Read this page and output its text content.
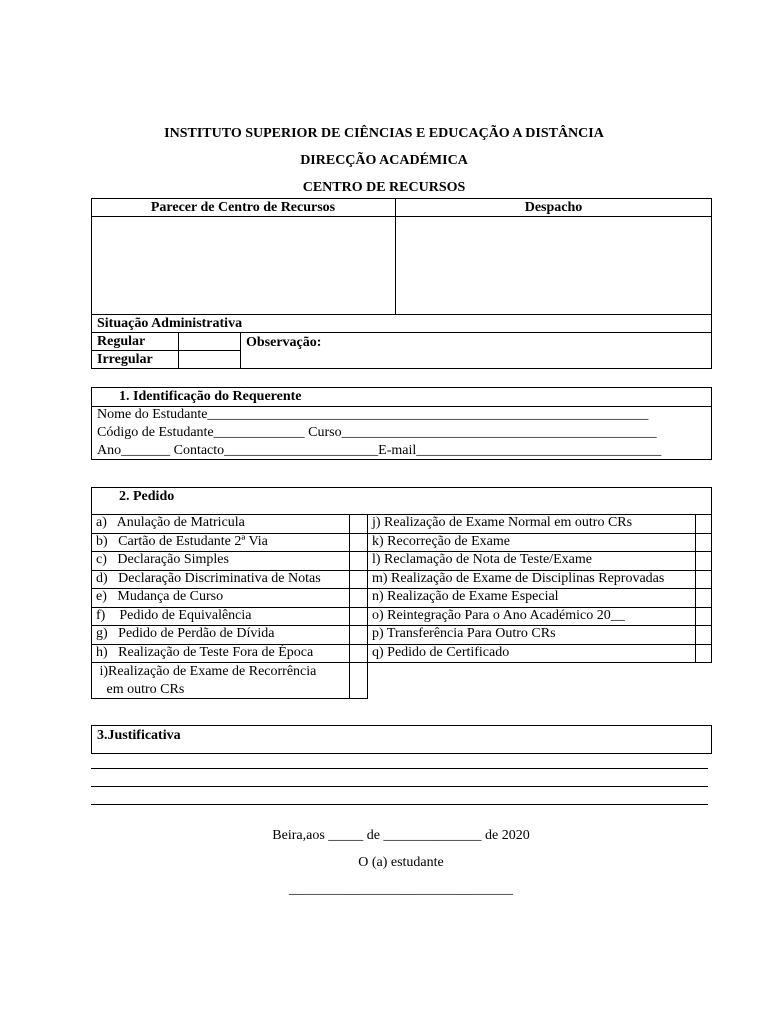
INSTITUTO SUPERIOR DE CIÊNCIAS E EDUCAÇÃO A DISTÂNCIA
DIRECÇÃO ACADÉMICA
CENTRO DE RECURSOS
Parecer de Centro de Recursos	Despacho
Situação Administrativa
Regular
Irregular
Observação:
1. Identificação do Requerente
Nome do Estudante_______________________________________________________________
Código de Estudante_____________ Curso_____________________________________________
Ano_______ Contacto______________________E-mail___________________________________
2. Pedido
a)   Anulação de Matricula	j) Realização de Exame Normal em outro CRs
b)   Cartão de Estudante 2ª Via	k) Recorreção de Exame
c)   Declaração Simples	l) Reclamação de Nota de Teste/Exame
d)   Declaração Discriminativa de Notas	m) Realização de Exame de Disciplinas Reprovadas
e)   Mudança de Curso	n) Realização de Exame Especial
f)    Pedido de Equivalência	o) Reintegração Para o Ano Académico 20__
g)   Pedido de Perdão de Dívida	p) Transferência Para Outro CRs
h)   Realização de Teste Fora de Época	q) Pedido de Certificado
i)Realização de Exame de Recorrência
em outro CRs
3.Justificativa
Beira,aos _____ de ______________ de 2020
O (a) estudante
________________________________
